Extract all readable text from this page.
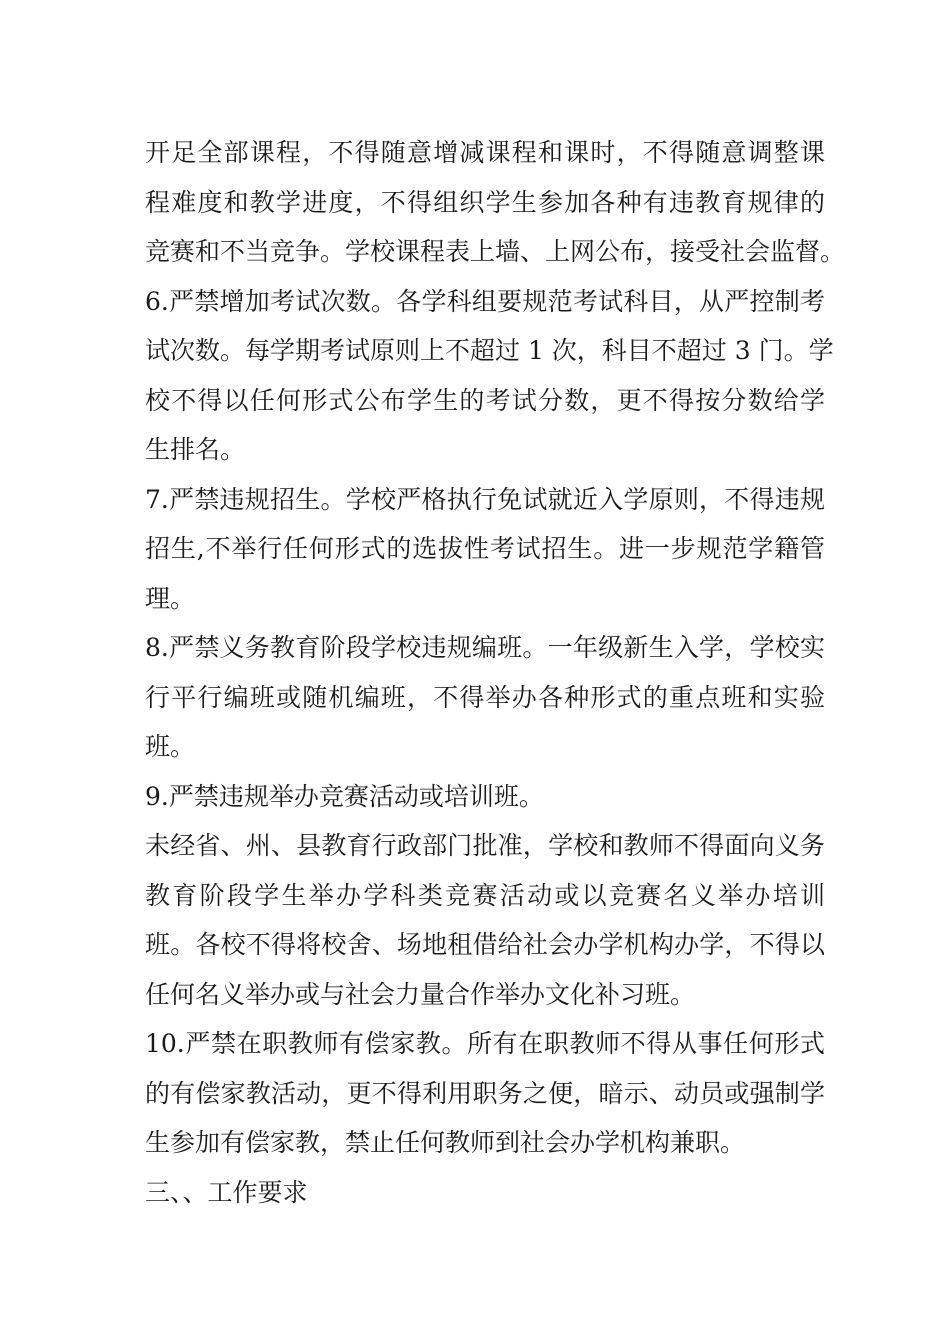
开足全部课程，不得随意增减课程和课时，不得随意调整课
程难度和教学进度，不得组织学生参加各种有违教育规律的
竞赛和不当竞争。学校课程表上墙、上网公布，接受社会监督。
6.严禁增加考试次数。各学科组要规范考试科目，从严控制考
试次数。每学期考试原则上不超过 1 次，科目不超过 3 门。学
校不得以任何形式公布学生的考试分数，更不得按分数给学
生排名。
7.严禁违规招生。学校严格执行免试就近入学原则，不得违规
招生,不举行任何形式的选拔性考试招生。进一步规范学籍管
理。
8.严禁义务教育阶段学校违规编班。一年级新生入学，学校实
行平行编班或随机编班，不得举办各种形式的重点班和实验
班。
9.严禁违规举办竞赛活动或培训班。
未经省、州、县教育行政部门批准，学校和教师不得面向义务
教育阶段学生举办学科类竞赛活动或以竞赛名义举办培训
班。各校不得将校舍、场地租借给社会办学机构办学，不得以
任何名义举办或与社会力量合作举办文化补习班。
10.严禁在职教师有偿家教。所有在职教师不得从事任何形式
的有偿家教活动，更不得利用职务之便，暗示、动员或强制学
生参加有偿家教，禁止任何教师到社会办学机构兼职。
三、、工作要求
